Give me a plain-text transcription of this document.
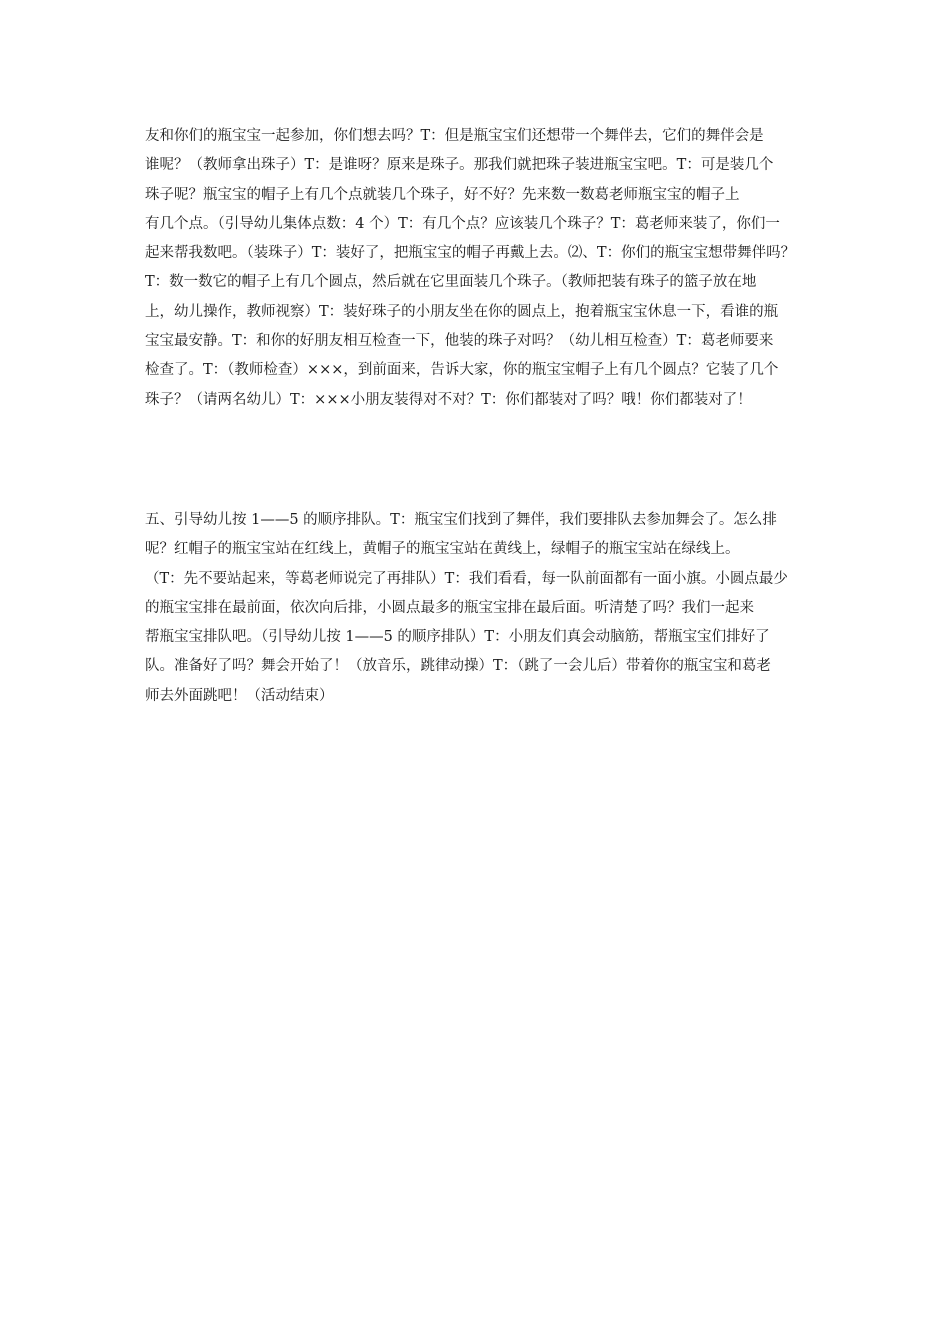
友和你们的瓶宝宝一起参加，你们想去吗？T：但是瓶宝宝们还想带一个舞伴去，它们的舞伴会是
谁呢？（教师拿出珠子）T：是谁呀？原来是珠子。那我们就把珠子装进瓶宝宝吧。T：可是装几个
珠子呢？瓶宝宝的帽子上有几个点就装几个珠子，好不好？先来数一数葛老师瓶宝宝的帽子上
有几个点。（引导幼儿集体点数：4 个）T：有几个点？应该装几个珠子？T：葛老师来装了，你们一
起来帮我数吧。（装珠子）T：装好了，把瓶宝宝的帽子再戴上去。⑵、T：你们的瓶宝宝想带舞伴吗？
T：数一数它的帽子上有几个圆点，然后就在它里面装几个珠子。（教师把装有珠子的篮子放在地
上，幼儿操作，教师视察）T：装好珠子的小朋友坐在你的圆点上，抱着瓶宝宝休息一下，看谁的瓶
宝宝最安静。T：和你的好朋友相互检查一下，他装的珠子对吗？（幼儿相互检查）T：葛老师要来
检查了。T：（教师检查）×××，到前面来，告诉大家，你的瓶宝宝帽子上有几个圆点？它装了几个
珠子？（请两名幼儿）T：×××小朋友装得对不对？T：你们都装对了吗？哦！你们都装对了！
五、引导幼儿按 1——5 的顺序排队。T：瓶宝宝们找到了舞伴，我们要排队去参加舞会了。怎么排
呢？红帽子的瓶宝宝站在红线上，黄帽子的瓶宝宝站在黄线上，绿帽子的瓶宝宝站在绿线上。
（T：先不要站起来，等葛老师说完了再排队）T：我们看看，每一队前面都有一面小旗。小圆点最少
的瓶宝宝排在最前面，依次向后排，小圆点最多的瓶宝宝排在最后面。听清楚了吗？我们一起来
帮瓶宝宝排队吧。（引导幼儿按 1——5 的顺序排队）T：小朋友们真会动脑筋，帮瓶宝宝们排好了
队。准备好了吗？舞会开始了！（放音乐，跳律动操）T：（跳了一会儿后）带着你的瓶宝宝和葛老
师去外面跳吧！（活动结束）
